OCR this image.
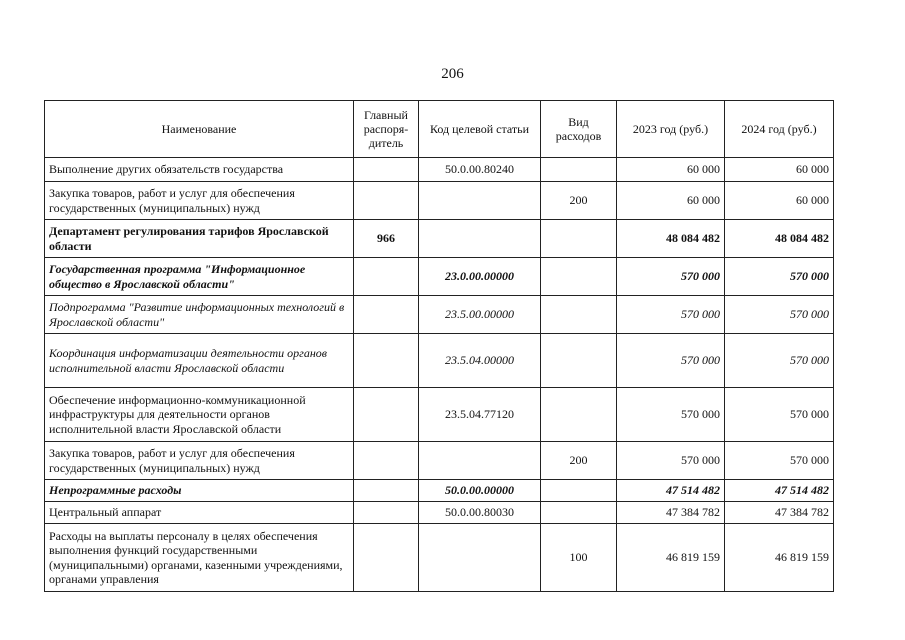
206
Наименование	Главный распоря-дитель	Код целевой статьи	Вид расходов	2023 год (руб.)	2024 год (руб.)
Выполнение других обязательств государства		50.0.00.80240		60 000	60 000
Закупка товаров, работ и услуг для обеспечения государственных (муниципальных) нужд			200	60 000	60 000
Департамент регулирования тарифов Ярославской области	966			48 084 482	48 084 482
Государственная программа "Информационное общество в Ярославской области"		23.0.00.00000		570 000	570 000
Подпрограмма "Развитие информационных технологий в Ярославской области"		23.5.00.00000		570 000	570 000
Координация информатизации деятельности органов исполнительной власти Ярославской области		23.5.04.00000		570 000	570 000
Обеспечение информационно-коммуникационной инфраструктуры для деятельности органов исполнительной власти Ярославской области		23.5.04.77120		570 000	570 000
Закупка товаров, работ и услуг для обеспечения государственных (муниципальных) нужд			200	570 000	570 000
Непрограммные расходы		50.0.00.00000		47 514 482	47 514 482
Центральный аппарат		50.0.00.80030		47 384 782	47 384 782
Расходы на выплаты персоналу в целях обеспечения выполнения функций государственными (муниципальными) органами, казенными учреждениями, органами управления			100	46 819 159	46 819 159
